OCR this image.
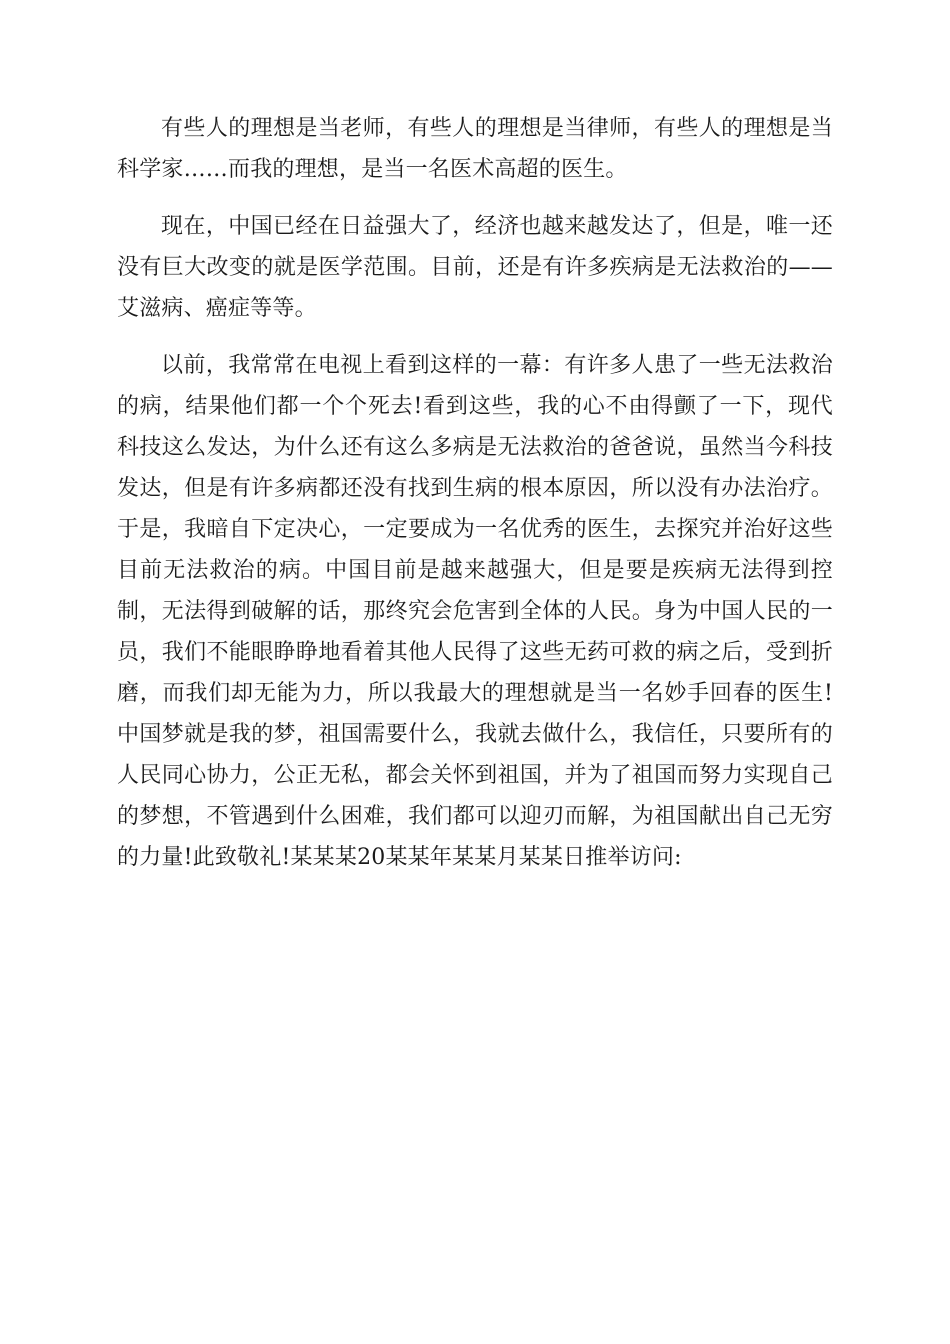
有些人的理想是当老师，有些人的理想是当律师，有些人的理想是当科学家……而我的理想，是当一名医术高超的医生。

现在，中国已经在日益强大了，经济也越来越发达了，但是，唯一还没有巨大改变的就是医学范围。目前，还是有许多疾病是无法救治的——艾滋病、癌症等等。

以前，我常常在电视上看到这样的一幕：有许多人患了一些无法救治的病，结果他们都一个个死去!看到这些，我的心不由得颤了一下，现代科技这么发达，为什么还有这么多病是无法救治的爸爸说，虽然当今科技发达，但是有许多病都还没有找到生病的根本原因，所以没有办法治疗。于是，我暗自下定决心，一定要成为一名优秀的医生，去探究并治好这些目前无法救治的病。中国目前是越来越强大，但是要是疾病无法得到控制，无法得到破解的话，那终究会危害到全体的人民。身为中国人民的一员，我们不能眼睁睁地看着其他人民得了这些无药可救的病之后，受到折磨，而我们却无能为力，所以我最大的理想就是当一名妙手回春的医生!中国梦就是我的梦，祖国需要什么，我就去做什么，我信任，只要所有的人民同心协力，公正无私，都会关怀到祖国，并为了祖国而努力实现自己的梦想，不管遇到什么困难，我们都可以迎刃而解，为祖国献出自己无穷的力量!此致敬礼!某某某20某某年某某月某某日推举访问:
